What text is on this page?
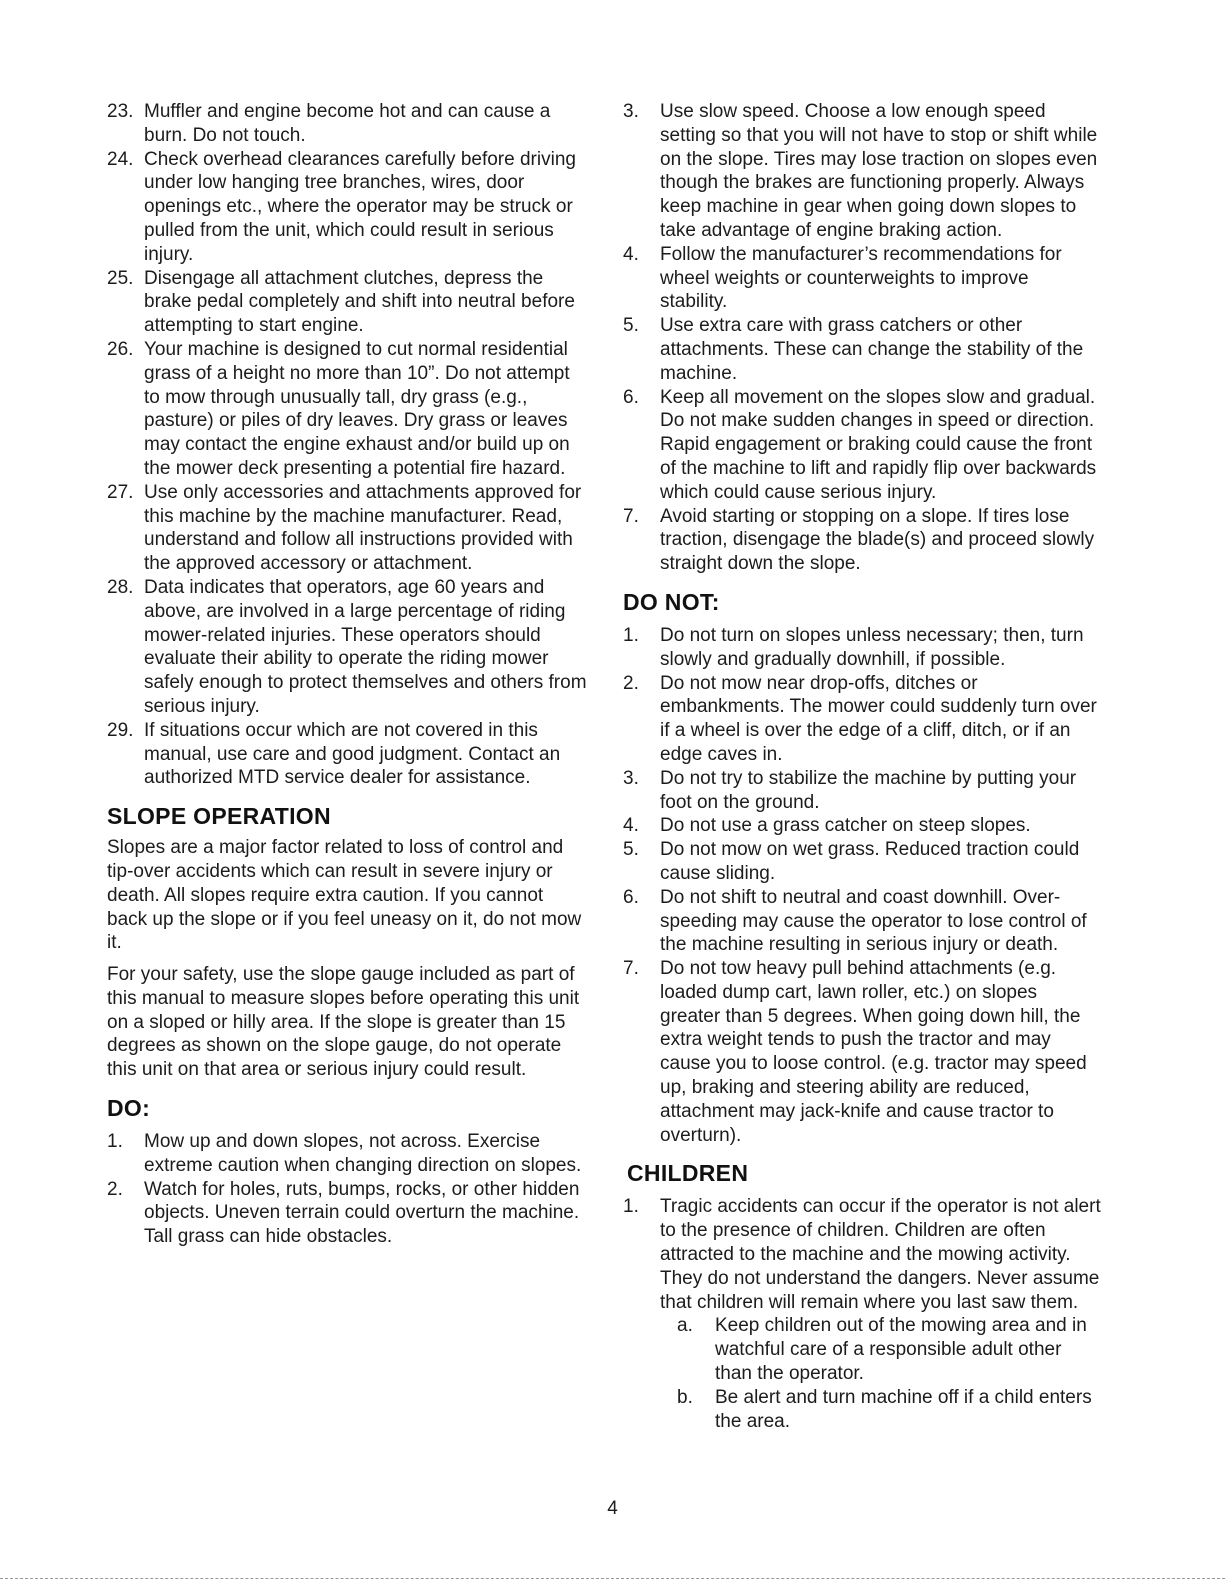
23. Muffler and engine become hot and can cause a burn. Do not touch.
24. Check overhead clearances carefully before driving under low hanging tree branches, wires, door openings etc., where the operator may be struck or pulled from the unit, which could result in serious injury.
25. Disengage all attachment clutches, depress the brake pedal completely and shift into neutral before attempting to start engine.
26. Your machine is designed to cut normal residential grass of a height no more than 10”. Do not attempt to mow through unusually tall, dry grass (e.g., pasture) or piles of dry leaves. Dry grass or leaves may contact the engine exhaust and/or build up on the mower deck presenting a potential fire hazard.
27. Use only accessories and attachments approved for this machine by the machine manufacturer. Read, understand and follow all instructions provided with the approved accessory or attachment.
28. Data indicates that operators, age 60 years and above, are involved in a large percentage of riding mower-related injuries. These operators should evaluate their ability to operate the riding mower safely enough to protect themselves and others from serious injury.
29. If situations occur which are not covered in this manual, use care and good judgment. Contact an authorized MTD service dealer for assistance.
SLOPE OPERATION

Slopes are a major factor related to loss of control and tip-over accidents which can result in severe injury or death. All slopes require extra caution. If you cannot back up the slope or if you feel uneasy on it, do not mow it.

For your safety, use the slope gauge included as part of this manual to measure slopes before operating this unit on a sloped or hilly area. If the slope is greater than 15 degrees as shown on the slope gauge, do not operate this unit on that area or serious injury could result.

DO:
1. Mow up and down slopes, not across. Exercise extreme caution when changing direction on slopes.
2. Watch for holes, ruts, bumps, rocks, or other hidden objects. Uneven terrain could overturn the machine. Tall grass can hide obstacles.
3. Use slow speed. Choose a low enough speed setting so that you will not have to stop or shift while on the slope. Tires may lose traction on slopes even though the brakes are functioning properly. Always keep machine in gear when going down slopes to take advantage of engine braking action.
4. Follow the manufacturer’s recommendations for wheel weights or counterweights to improve stability.
5. Use extra care with grass catchers or other attachments. These can change the stability of the machine.
6. Keep all movement on the slopes slow and gradual. Do not make sudden changes in speed or direction. Rapid engagement or braking could cause the front of the machine to lift and rapidly flip over backwards which could cause serious injury.
7. Avoid starting or stopping on a slope. If tires lose traction, disengage the blade(s) and proceed slowly straight down the slope.
DO NOT:
1. Do not turn on slopes unless necessary; then, turn slowly and gradually downhill, if possible.
2. Do not mow near drop-offs, ditches or embankments. The mower could suddenly turn over if a wheel is over the edge of a cliff, ditch, or if an edge caves in.
3. Do not try to stabilize the machine by putting your foot on the ground.
4. Do not use a grass catcher on steep slopes.
5. Do not mow on wet grass. Reduced traction could cause sliding.
6. Do not shift to neutral and coast downhill. Over-speeding may cause the operator to lose control of the machine resulting in serious injury or death.
7. Do not tow heavy pull behind attachments (e.g. loaded dump cart, lawn roller, etc.) on slopes greater than 5 degrees. When going down hill, the extra weight tends to push the tractor and may cause you to loose control. (e.g. tractor may speed up, braking and steering ability are reduced, attachment may jack-knife and cause tractor to overturn).
CHILDREN
1. Tragic accidents can occur if the operator is not alert to the presence of children. Children are often attracted to the machine and the mowing activity. They do not understand the dangers. Never assume that children will remain where you last saw them.
a. Keep children out of the mowing area and in watchful care of a responsible adult other than the operator.
b. Be alert and turn machine off if a child enters the area.
4
